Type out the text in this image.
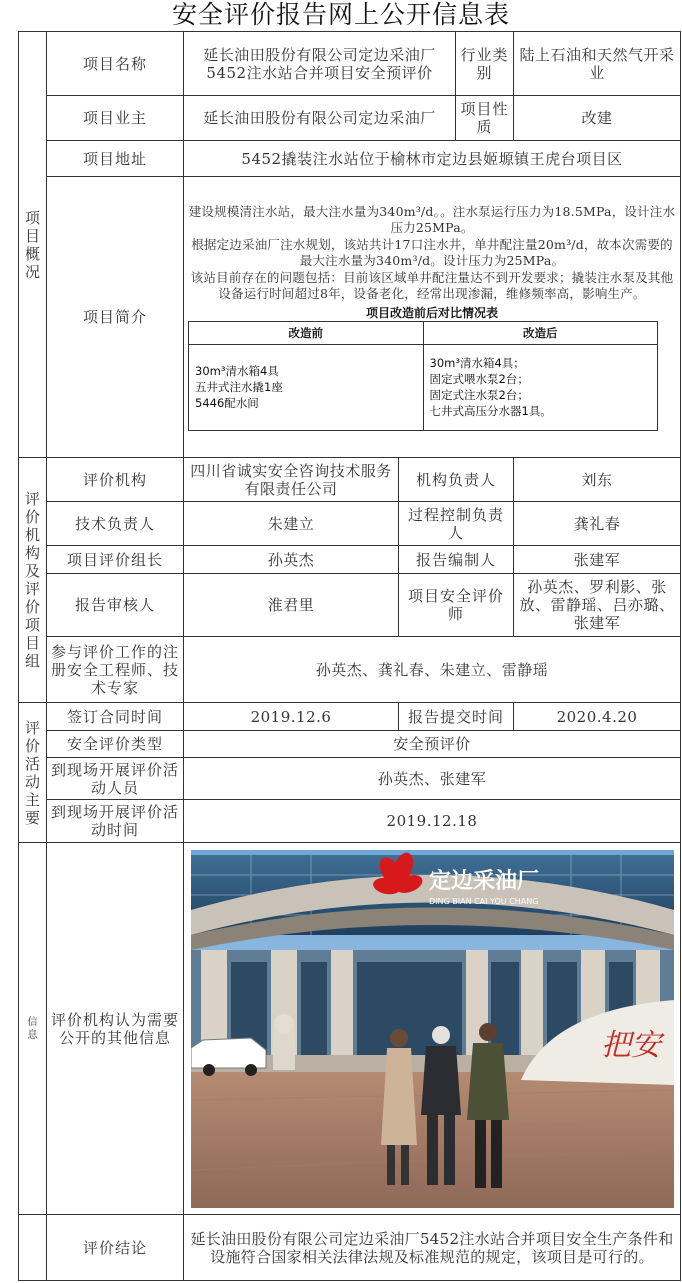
安全评价报告网上公开信息表
项目概况
	项目名称	延长油田股份有限公司定边采油厂5452注水站合并项目安全预评价	行业类别	陆上石油和天然气开采业
项目业主	延长油田股份有限公司定边采油厂	项目性质	改建
项目地址	5452撬装注水站位于榆林市定边县姬塬镇王虎台项目区
项目简介	

建设规模清注水站，最大注水量为340m³/d。。注水泵运行压力为18.5MPa，设计注水压力25MPa。

根据定边采油厂注水规划，该站共计17口注水井，单井配注量20m³/d，故本次需要的最大注水量为340m³/d。设计压力为25MPa。

该站目前存在的问题包括：目前该区域单井配注量达不到开发要求；撬装注水泵及其他设备运行时间超过8年，设备老化，经常出现渗漏，维修频率高，影响生产。

项目改造前后对比情况表
改造前	改造后

30m³清水箱4具
五井式注水撬1座
5446配水间

30m³清水箱4具；
固定式喂水泵2台；
固定式注水泵2台；
七井式高压分水器1具。

评价机构及评价项目组
	评价机构	四川省诚实安全咨询技术服务有限责任公司	机构负责人	刘东
技术负责人	朱建立	过程控制负责人	龚礼春
项目评价组长	孙英杰	报告编制人	张建军
报告审核人	淮君里	项目安全评价师	孙英杰、罗利影、张放、雷静瑶、吕亦璐、张建军
参与评价工作的注册安全工程师、技术专家	孙英杰、龚礼春、朱建立、雷静瑶

评价活动主要
	签订合同时间	2019.12.6	报告提交时间	2020.4.20
安全评价类型	安全预评价
到现场开展评价活动人员	孙英杰、张建军
到现场开展评价活动时间	2019.12.18

信息
	评价机构认为需要公开的其他信息	
定边采油厂
DING BIAN CAI YOU CHANG
把安

	评价结论	延长油田股份有限公司定边采油厂5452注水站合并项目安全生产条件和设施符合国家相关法律法规及标准规范的规定，该项目是可行的。
